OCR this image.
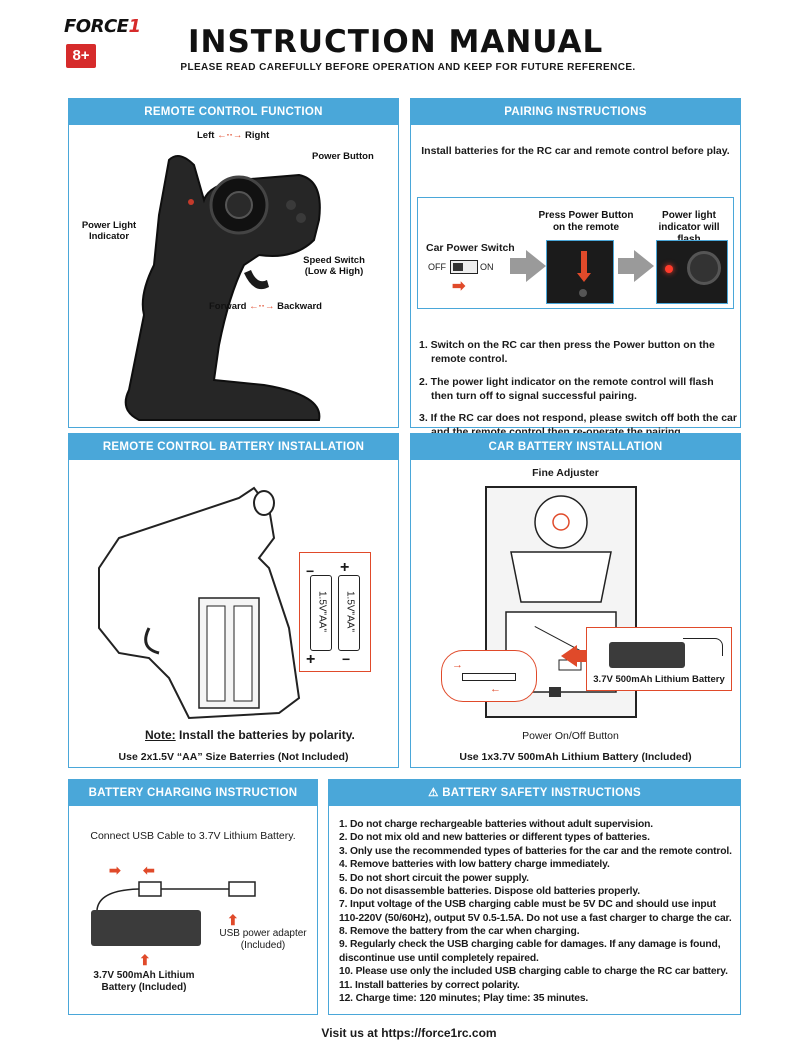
FORCE1
8+	INSTRUCTION MANUAL
PLEASE READ CAREFULLY BEFORE OPERATION AND KEEP FOR FUTURE REFERENCE.
REMOTE CONTROL FUNCTION
Left ←··→ Right
Power Button
Power Light Indicator
Speed Switch (Low & High)
Forward ←··→ Backward
PAIRING INSTRUCTIONS
Install batteries for the RC car and remote control before play.
Car Power Switch
OFF	ON
➡
Press Power Button on the remote
Power light indicator will
1. Switch on the RC car then press the Power button on the remote control.
2. The power light indicator on the remote control will flash then turn off to signal successful pairing.
3. If the RC car does not respond, please switch off both the car
REMOTE CONTROL BATTERY INSTALLATION
− +
1.5V"AA" 1.5V"AA"
+ −
Note: Install the batteries by polarity.
Use 2x1.5V “AA” Size Baterries (Not Included)
CAR BATTERY INSTALLATION
Fine Adjuster
→
←
3.7V 500mAh Lithium Battery
Power On/Off Button
Use 1x3.7V 500mAh Lithium Battery (Included)
BATTERY CHARGING INSTRUCTION
Connect USB Cable to 3.7V Lithium Battery.
➡ ⬅
⬆
USB power adapter (Included)
⬆
3.7V 500mAh Lithium Battery (Included)
⚠ BATTERY SAFETY INSTRUCTIONS
1. Do not charge rechargeable batteries without adult supervision.
2. Do not mix old and new batteries or different types of batteries.
3. Only use the recommended types of batteries for the car and the remote control.
4. Remove batteries with low battery charge immediately.
5. Do not short circuit the power supply.
6. Do not disassemble batteries. Dispose old batteries properly.
7. Input voltage of the USB charging cable must be 5V DC and should use input
110-220V (50/60Hz), output 5V 0.5-1.5A. Do not use a fast charger to charge the car.
8. Remove the battery from the car when charging.
9. Regularly check the USB charging cable for damages. If any damage is found,
discontinue use until completely repaired.
10. Please use only the included USB charging cable to charge the RC car battery.
11. Install batteries by correct polarity.
12. Charge time: 120 minutes; Play time: 35 minutes.
Visit us at https://force1rc.com
